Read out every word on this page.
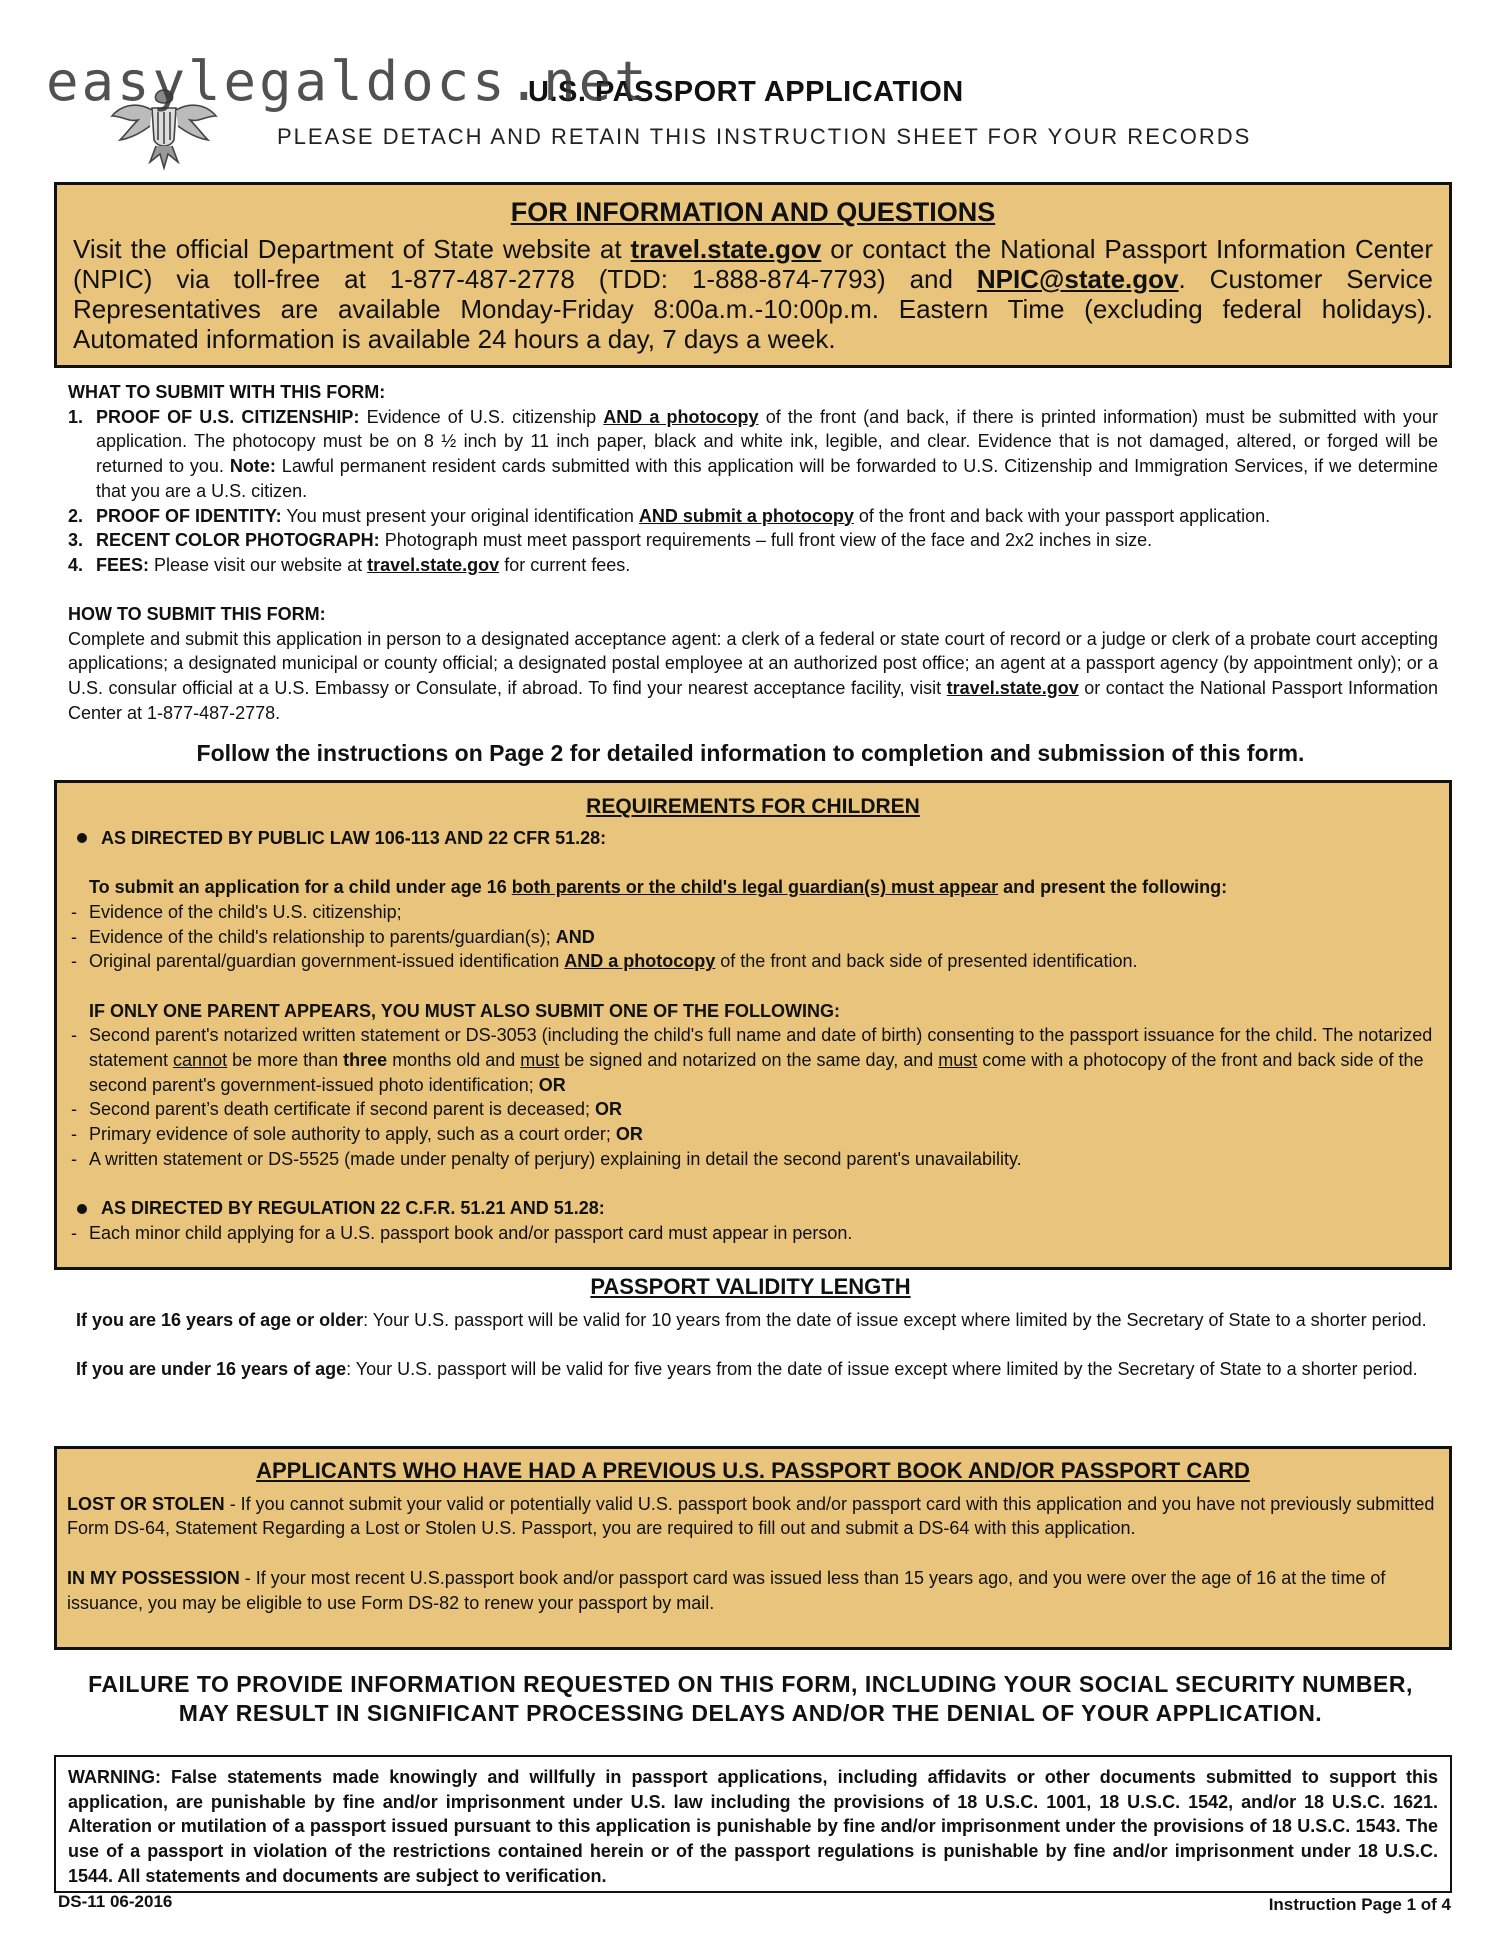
easylegaldocs.net
U.S. PASSPORT APPLICATION
PLEASE DETACH AND RETAIN THIS INSTRUCTION SHEET FOR YOUR RECORDS
FOR INFORMATION AND QUESTIONS

Visit the official Department of State website at travel.state.gov or contact the National Passport Information Center (NPIC) via toll-free at 1-877-487-2778 (TDD: 1-888-874-7793) and NPIC@state.gov. Customer Service Representatives are available Monday-Friday 8:00a.m.-10:00p.m. Eastern Time (excluding federal holidays). Automated information is available 24 hours a day, 7 days a week.

WHAT TO SUBMIT WITH THIS FORM:
1. PROOF OF U.S. CITIZENSHIP: Evidence of U.S. citizenship AND a photocopy of the front (and back, if there is printed information) must be submitted with your application. The photocopy must be on 8 ½ inch by 11 inch paper, black and white ink, legible, and clear. Evidence that is not damaged, altered, or forged will be returned to you. Note: Lawful permanent resident cards submitted with this application will be forwarded to U.S. Citizenship and Immigration Services, if we determine that you are a U.S. citizen.
2. PROOF OF IDENTITY: You must present your original identification AND submit a photocopy of the front and back with your passport application.
3. RECENT COLOR PHOTOGRAPH: Photograph must meet passport requirements – full front view of the face and 2x2 inches in size.
4. FEES: Please visit our website at travel.state.gov for current fees.
HOW TO SUBMIT THIS FORM:

Complete and submit this application in person to a designated acceptance agent: a clerk of a federal or state court of record or a judge or clerk of a probate court accepting applications; a designated municipal or county official; a designated postal employee at an authorized post office; an agent at a passport agency (by appointment only); or a U.S. consular official at a U.S. Embassy or Consulate, if abroad. To find your nearest acceptance facility, visit travel.state.gov or contact the National Passport Information Center at 1-877-487-2778.

Follow the instructions on Page 2 for detailed information to completion and submission of this form.
REQUIREMENTS FOR CHILDREN
AS DIRECTED BY PUBLIC LAW 106-113 AND 22 CFR 51.28:
To submit an application for a child under age 16 both parents or the child's legal guardian(s) must appear and present the following:
- Evidence of the child's U.S. citizenship;
- Evidence of the child's relationship to parents/guardian(s); AND
- Original parental/guardian government-issued identification AND a photocopy of the front and back side of presented identification.
IF ONLY ONE PARENT APPEARS, YOU MUST ALSO SUBMIT ONE OF THE FOLLOWING:
- Second parent's notarized written statement or DS-3053 (including the child's full name and date of birth) consenting to the passport issuance for the child. The notarized statement cannot be more than three months old and must be signed and notarized on the same day, and must come with a photocopy of the front and back side of the second parent's government-issued photo identification; OR
- Second parent’s death certificate if second parent is deceased; OR
- Primary evidence of sole authority to apply, such as a court order; OR
- A written statement or DS-5525 (made under penalty of perjury) explaining in detail the second parent's unavailability.
AS DIRECTED BY REGULATION 22 C.F.R. 51.21 AND 51.28:
- Each minor child applying for a U.S. passport book and/or passport card must appear in person.
PASSPORT VALIDITY LENGTH

If you are 16 years of age or older: Your U.S. passport will be valid for 10 years from the date of issue except where limited by the Secretary of State to a shorter period.

If you are under 16 years of age: Your U.S. passport will be valid for five years from the date of issue except where limited by the Secretary of State to a shorter period.

APPLICANTS WHO HAVE HAD A PREVIOUS U.S. PASSPORT BOOK AND/OR PASSPORT CARD

LOST OR STOLEN - If you cannot submit your valid or potentially valid U.S. passport book and/or passport card with this application and you have not previously submitted Form DS-64, Statement Regarding a Lost or Stolen U.S. Passport, you are required to fill out and submit a DS-64 with this application.

IN MY POSSESSION - If your most recent U.S.passport book and/or passport card was issued less than 15 years ago, and you were over the age of 16 at the time of issuance, you may be eligible to use Form DS-82 to renew your passport by mail.

FAILURE TO PROVIDE INFORMATION REQUESTED ON THIS FORM, INCLUDING YOUR SOCIAL SECURITY NUMBER,
MAY RESULT IN SIGNIFICANT PROCESSING DELAYS AND/OR THE DENIAL OF YOUR APPLICATION.
WARNING: False statements made knowingly and willfully in passport applications, including affidavits or other documents submitted to support this application, are punishable by fine and/or imprisonment under U.S. law including the provisions of 18 U.S.C. 1001, 18 U.S.C. 1542, and/or 18 U.S.C. 1621. Alteration or mutilation of a passport issued pursuant to this application is punishable by fine and/or imprisonment under the provisions of 18 U.S.C. 1543. The use of a passport in violation of the restrictions contained herein or of the passport regulations is punishable by fine and/or imprisonment under 18 U.S.C. 1544. All statements and documents are subject to verification.
DS-11 06-2016	Instruction Page 1 of 4
